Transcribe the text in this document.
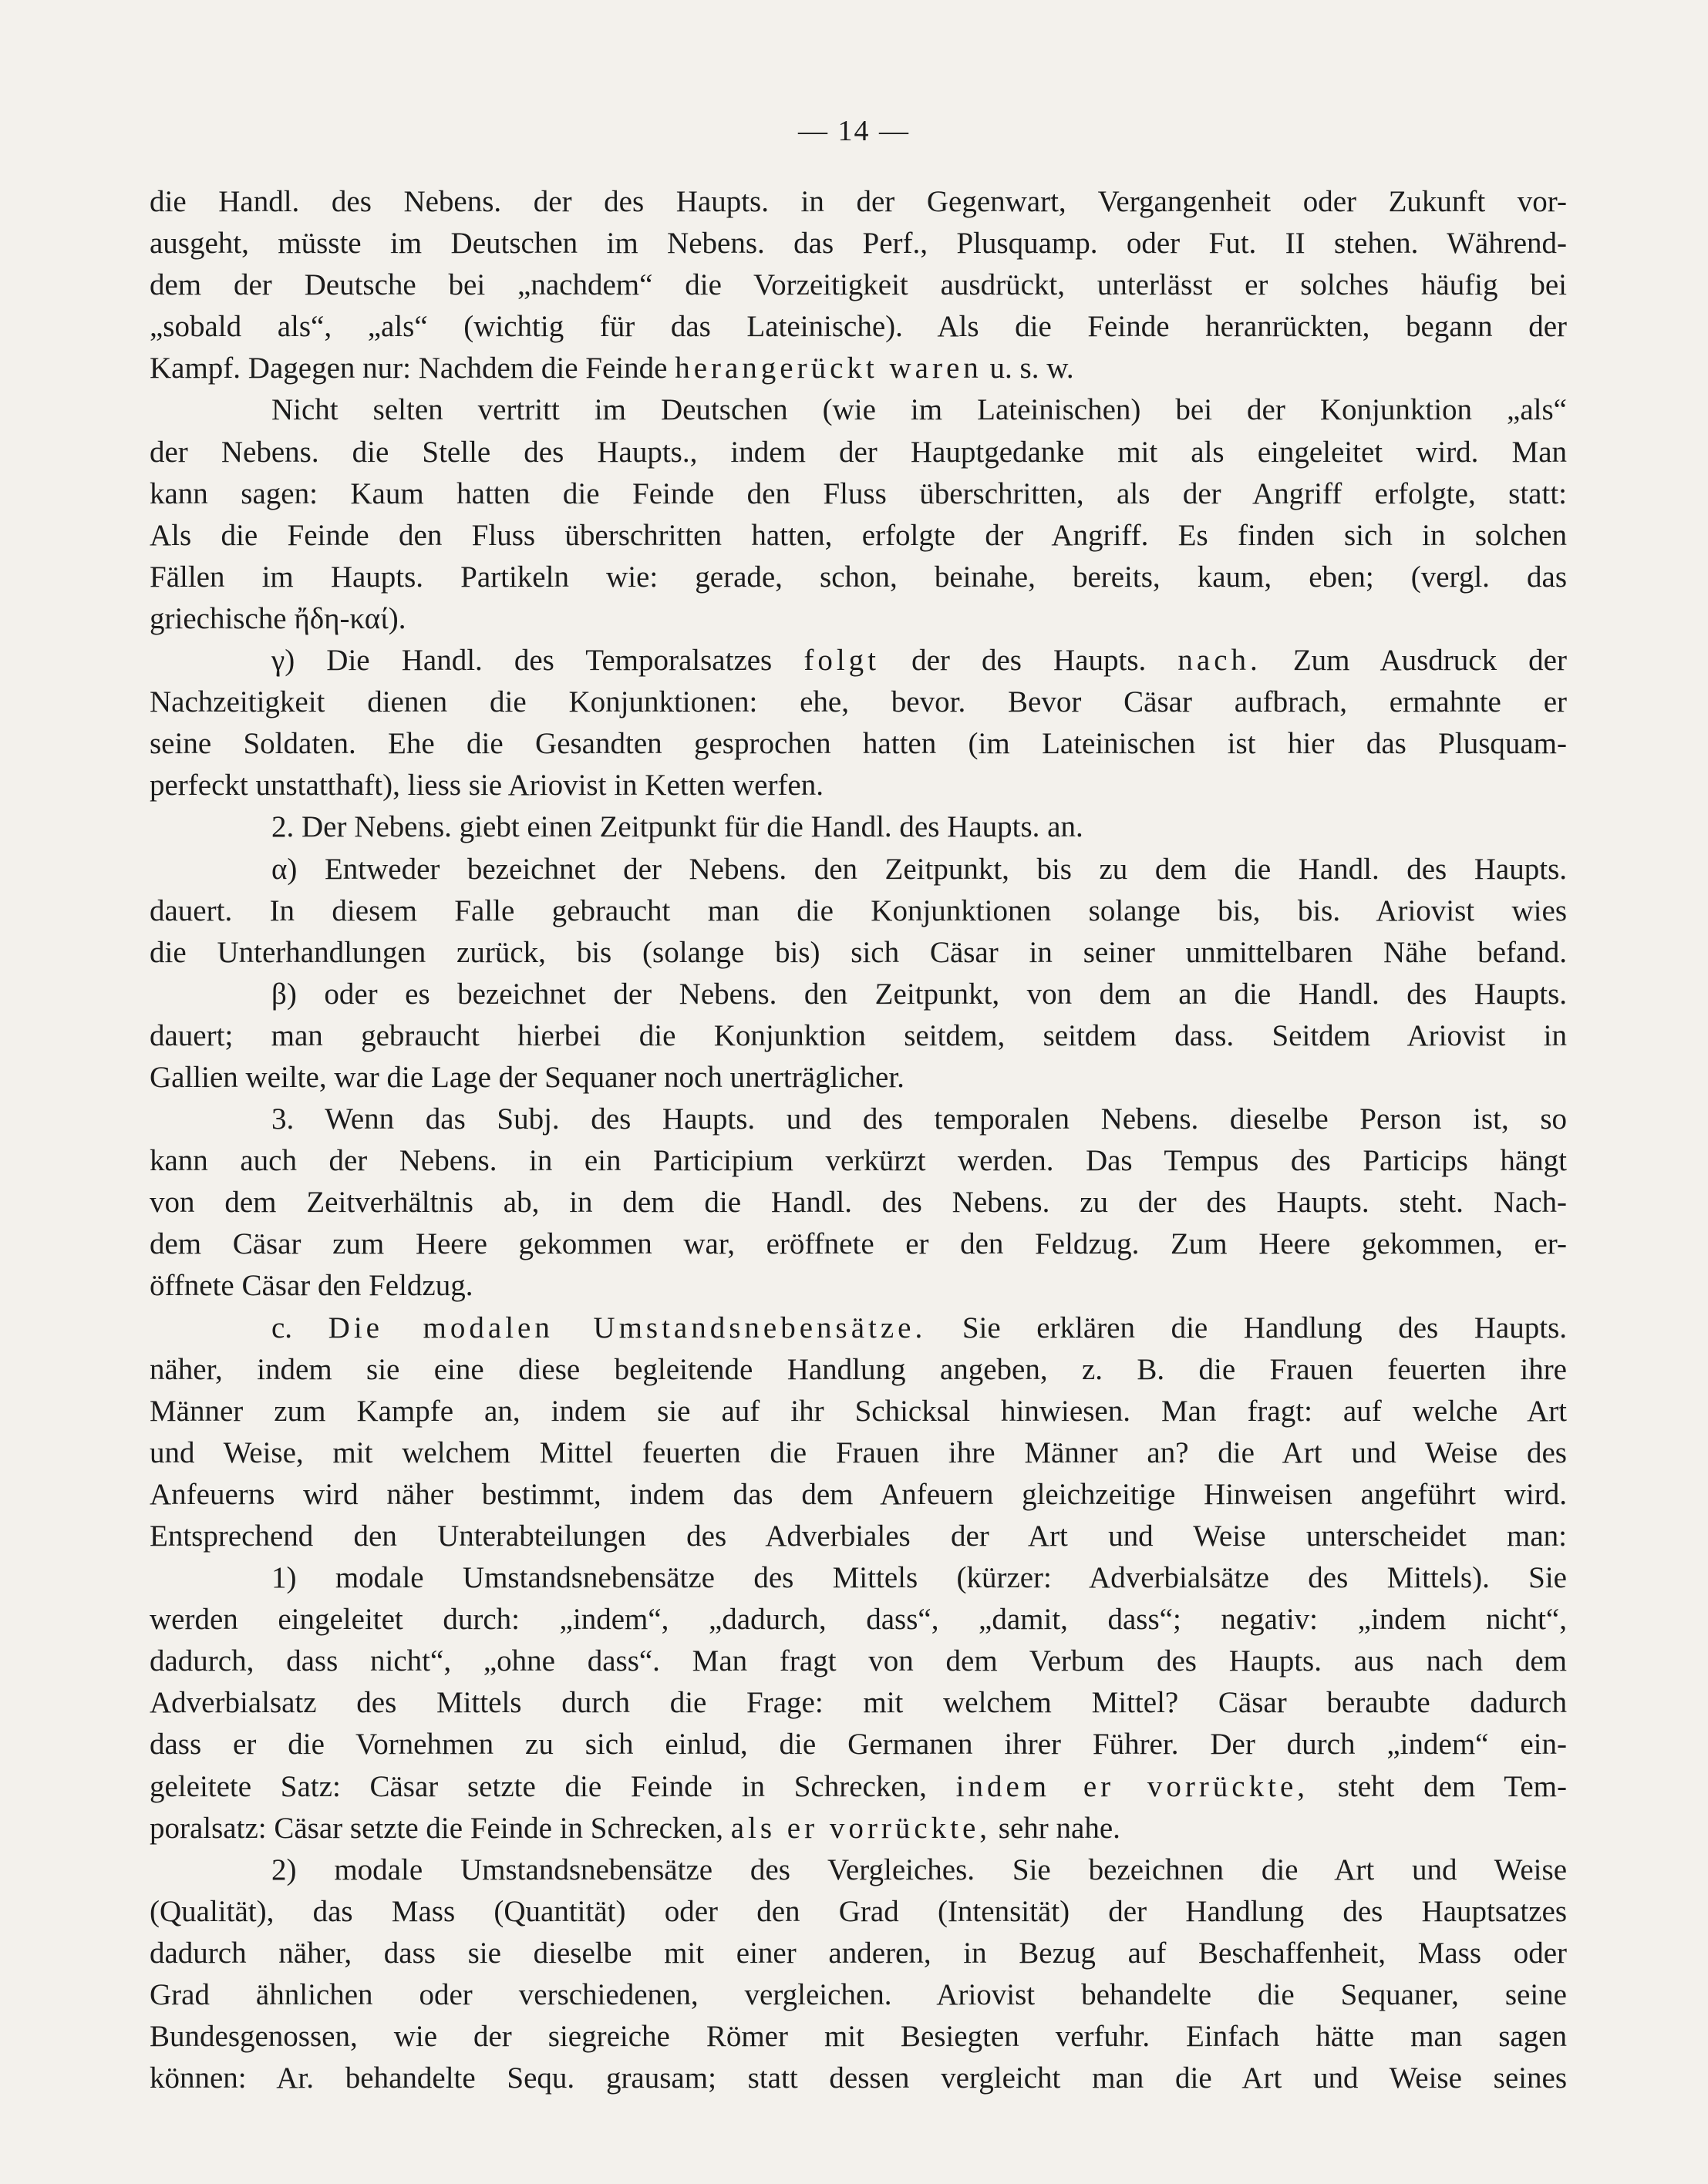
— 14 —
die Handl. des Nebens. der des Haupts. in der Gegenwart, Vergangenheit oder Zukunft vor-
ausgeht, müsste im Deutschen im Nebens. das Perf., Plusquamp. oder Fut. II stehen. Während-
dem der Deutsche bei „nachdem“ die Vorzeitigkeit ausdrückt, unterlässt er solches häufig bei
„sobald als“, „als“ (wichtig für das Lateinische). Als die Feinde heranrückten, begann der
Kampf. Dagegen nur: Nachdem die Feinde herangerückt waren u. s. w.
Nicht selten vertritt im Deutschen (wie im Lateinischen) bei der Konjunktion „als“
der Nebens. die Stelle des Haupts., indem der Hauptgedanke mit als eingeleitet wird. Man
kann sagen: Kaum hatten die Feinde den Fluss überschritten, als der Angriff erfolgte, statt:
Als die Feinde den Fluss überschritten hatten, erfolgte der Angriff. Es finden sich in solchen
Fällen im Haupts. Partikeln wie: gerade, schon, beinahe, bereits, kaum, eben; (vergl. das
griechische ἤδη-καί).
γ) Die Handl. des Temporalsatzes folgt der des Haupts. nach. Zum Ausdruck der
Nachzeitigkeit dienen die Konjunktionen: ehe, bevor. Bevor Cäsar aufbrach, ermahnte er
seine Soldaten. Ehe die Gesandten gesprochen hatten (im Lateinischen ist hier das Plusquam-
perfeckt unstatthaft), liess sie Ariovist in Ketten werfen.
2. Der Nebens. giebt einen Zeitpunkt für die Handl. des Haupts. an.
α) Entweder bezeichnet der Nebens. den Zeitpunkt, bis zu dem die Handl. des Haupts.
dauert. In diesem Falle gebraucht man die Konjunktionen solange bis, bis. Ariovist wies
die Unterhandlungen zurück, bis (solange bis) sich Cäsar in seiner unmittelbaren Nähe befand.
β) oder es bezeichnet der Nebens. den Zeitpunkt, von dem an die Handl. des Haupts.
dauert; man gebraucht hierbei die Konjunktion seitdem, seitdem dass. Seitdem Ariovist in
Gallien weilte, war die Lage der Sequaner noch unerträglicher.
3. Wenn das Subj. des Haupts. und des temporalen Nebens. dieselbe Person ist, so
kann auch der Nebens. in ein Participium verkürzt werden. Das Tempus des Particips hängt
von dem Zeitverhältnis ab, in dem die Handl. des Nebens. zu der des Haupts. steht. Nach-
dem Cäsar zum Heere gekommen war, eröffnete er den Feldzug. Zum Heere gekommen, er-
öffnete Cäsar den Feldzug.
c. Die modalen Umstandsnebensätze. Sie erklären die Handlung des Haupts.
näher, indem sie eine diese begleitende Handlung angeben, z. B. die Frauen feuerten ihre
Männer zum Kampfe an, indem sie auf ihr Schicksal hinwiesen. Man fragt: auf welche Art
und Weise, mit welchem Mittel feuerten die Frauen ihre Männer an? die Art und Weise des
Anfeuerns wird näher bestimmt, indem das dem Anfeuern gleichzeitige Hinweisen angeführt wird.
Entsprechend den Unterabteilungen des Adverbiales der Art und Weise unterscheidet man:
1) modale Umstandsnebensätze des Mittels (kürzer: Adverbialsätze des Mittels). Sie
werden eingeleitet durch: „indem“, „dadurch, dass“, „damit, dass“; negativ: „indem nicht“,
dadurch, dass nicht“, „ohne dass“. Man fragt von dem Verbum des Haupts. aus nach dem
Adverbialsatz des Mittels durch die Frage: mit welchem Mittel? Cäsar beraubte dadurch
dass er die Vornehmen zu sich einlud, die Germanen ihrer Führer. Der durch „indem“ ein-
geleitete Satz: Cäsar setzte die Feinde in Schrecken, indem er vorrückte, steht dem Tem-
poralsatz: Cäsar setzte die Feinde in Schrecken, als er vorrückte, sehr nahe.
2) modale Umstandsnebensätze des Vergleiches. Sie bezeichnen die Art und Weise
(Qualität), das Mass (Quantität) oder den Grad (Intensität) der Handlung des Hauptsatzes
dadurch näher, dass sie dieselbe mit einer anderen, in Bezug auf Beschaffenheit, Mass oder
Grad ähnlichen oder verschiedenen, vergleichen. Ariovist behandelte die Sequaner, seine
Bundesgenossen, wie der siegreiche Römer mit Besiegten verfuhr. Einfach hätte man sagen
können: Ar. behandelte Sequ. grausam; statt dessen vergleicht man die Art und Weise seines
